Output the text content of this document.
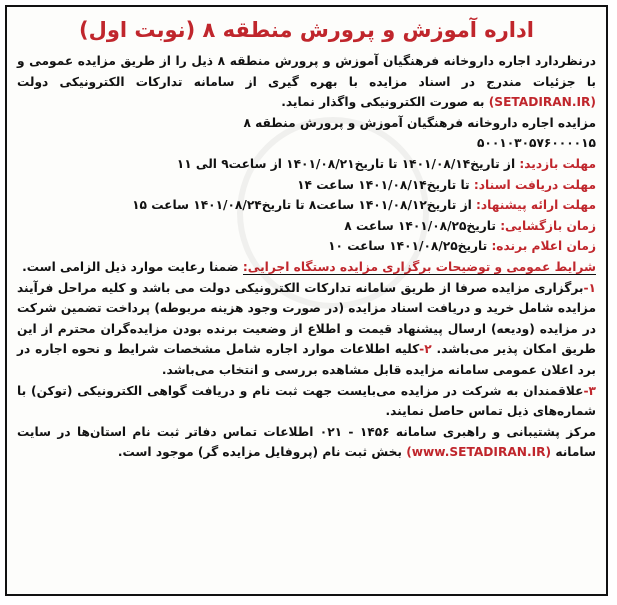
اداره آموزش و پرورش منطقه ۸ (نوبت اول)

درنظردارد اجاره داروخانه فرهنگیان آموزش و پرورش منطقه ۸ ذیل را از طریق مزایده عمومی و با جزئیات مندرج در اسناد مزایده با بهره گیری از سامانه تدارکات الکترونیکی دولت (SETADIRAN.IR) به صورت الکترونیکی واگذار نماید.

مزایده اجاره داروخانه فرهنگیان آموزش و پرورش منطقه ۸

۵۰۰۱۰۳۰۵۷۶۰۰۰۰۱۵

مهلت بازدید: از تاریخ۱۴۰۱/۰۸/۱۴ تا تاریخ۱۴۰۱/۰۸/۲۱ از ساعت۹ الی ۱۱

مهلت دریافت اسناد: تا تاریخ۱۴۰۱/۰۸/۱۴ ساعت ۱۴

مهلت ارائه پیشنهاد: از تاریخ۱۴۰۱/۰۸/۱۲ ساعت۸ تا تاریخ۱۴۰۱/۰۸/۲۴ ساعت ۱۵

زمان بازگشایی: تاریخ۱۴۰۱/۰۸/۲۵ ساعت ۸

زمان اعلام برنده: تاریخ۱۴۰۱/۰۸/۲۵ ساعت ۱۰

شرایط عمومی و توضیحات برگزاری مزایده دستگاه اجرایی: ضمنا رعایت موارد ذیل الزامی است.

۱-برگزاری مزایده صرفا از طریق سامانه تدارکات الکترونیکی دولت می باشد و کلیه مراحل فرآیند مزایده شامل خرید و دریافت اسناد مزایده (در صورت وجود هزینه مربوطه) پرداخت تضمین شرکت در مزایده (ودیعه) ارسال پیشنهاد قیمت و اطلاع از وضعیت برنده بودن مزایده‌گران محترم از این طریق امکان پذیر می‌باشد. ۲-کلیه اطلاعات موارد اجاره شامل مشخصات شرایط و نحوه اجاره در برد اعلان عمومی سامانه مزایده قابل مشاهده بررسی و انتخاب می‌باشد.

۳-علاقمندان به شرکت در مزایده می‌بایست جهت ثبت نام و دریافت گواهی الکترونیکی (توکن) با شماره‌های ذیل تماس حاصل نمایند.

مرکز پشتیبانی و راهبری سامانه ۱۴۵۶ - ۰۲۱ اطلاعات تماس دفاتر ثبت نام استان‌ها در سایت سامانه (www.SETADIRAN.IR) بخش ثبت نام (پروفایل مزایده گر) موجود است.
